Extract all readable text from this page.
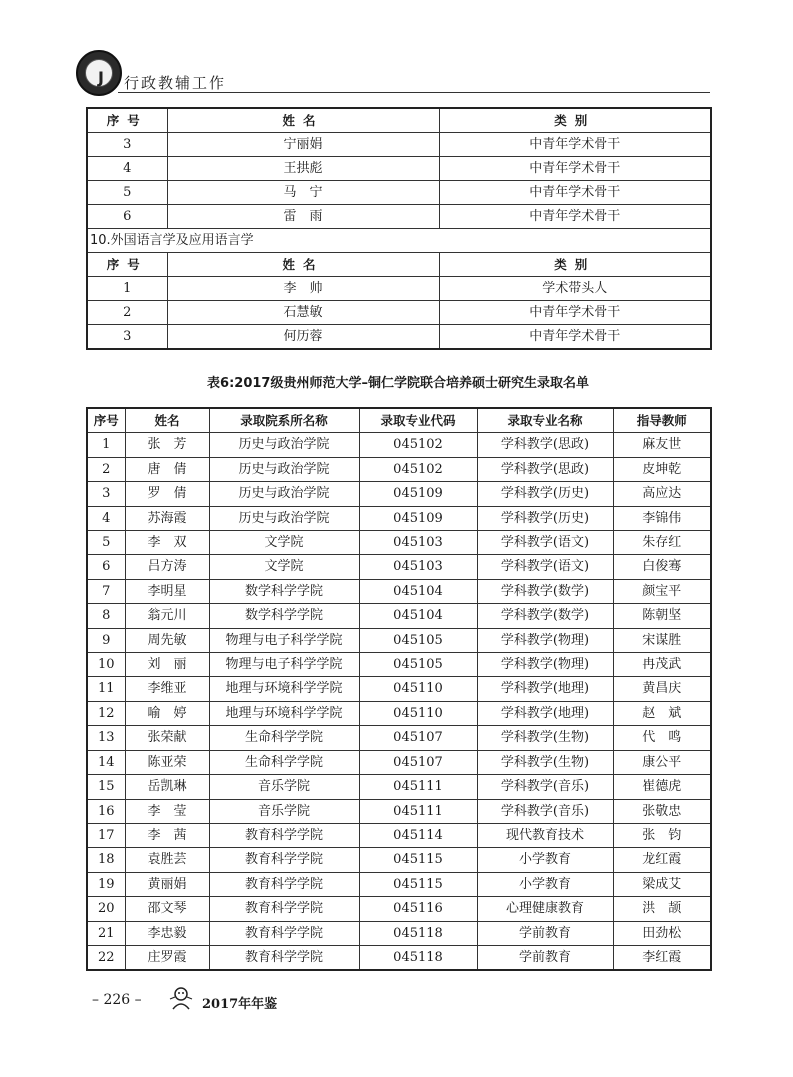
J 行政教辅工作
序号	姓名	类别
3	宁丽娟	中青年学术骨干
4	王拱彪	中青年学术骨干
5	马　宁	中青年学术骨干
6	雷　雨	中青年学术骨干
10.外国语言学及应用语言学		
序号	姓名	类别
1	李　帅	学术带头人
2	石慧敏	中青年学术骨干
3	何历蓉	中青年学术骨干
表6:2017级贵州师范大学–铜仁学院联合培养硕士研究生录取名单
序号	姓名	录取院系所名称	录取专业代码	录取专业名称	指导教师
1	张　芳	历史与政治学院	045102	学科教学(思政)	麻友世
2	唐　倩	历史与政治学院	045102	学科教学(思政)	皮坤乾
3	罗　倩	历史与政治学院	045109	学科教学(历史)	高应达
4	苏海霞	历史与政治学院	045109	学科教学(历史)	李锦伟
5	李　双	文学院	045103	学科教学(语文)	朱存红
6	吕方涛	文学院	045103	学科教学(语文)	白俊骞
7	李明星	数学科学学院	045104	学科教学(数学)	颜宝平
8	翁元川	数学科学学院	045104	学科教学(数学)	陈朝坚
9	周先敏	物理与电子科学学院	045105	学科教学(物理)	宋谋胜
10	刘　丽	物理与电子科学学院	045105	学科教学(物理)	冉茂武
11	李维亚	地理与环境科学学院	045110	学科教学(地理)	黄昌庆
12	喻　婷	地理与环境科学学院	045110	学科教学(地理)	赵　斌
13	张荣献	生命科学学院	045107	学科教学(生物)	代　鸣
14	陈亚荣	生命科学学院	045107	学科教学(生物)	康公平
15	岳凯琳	音乐学院	045111	学科教学(音乐)	崔德虎
16	李　莹	音乐学院	045111	学科教学(音乐)	张敬忠
17	李　茜	教育科学学院	045114	现代教育技术	张　钧
18	袁胜芸	教育科学学院	045115	小学教育	龙红霞
19	黄丽娟	教育科学学院	045115	小学教育	梁成艾
20	邵文琴	教育科学学院	045116	心理健康教育	洪　颉
21	李忠毅	教育科学学院	045118	学前教育	田劲松
22	庄罗霞	教育科学学院	045118	学前教育	李红霞
– 226 –	2017年年鉴
